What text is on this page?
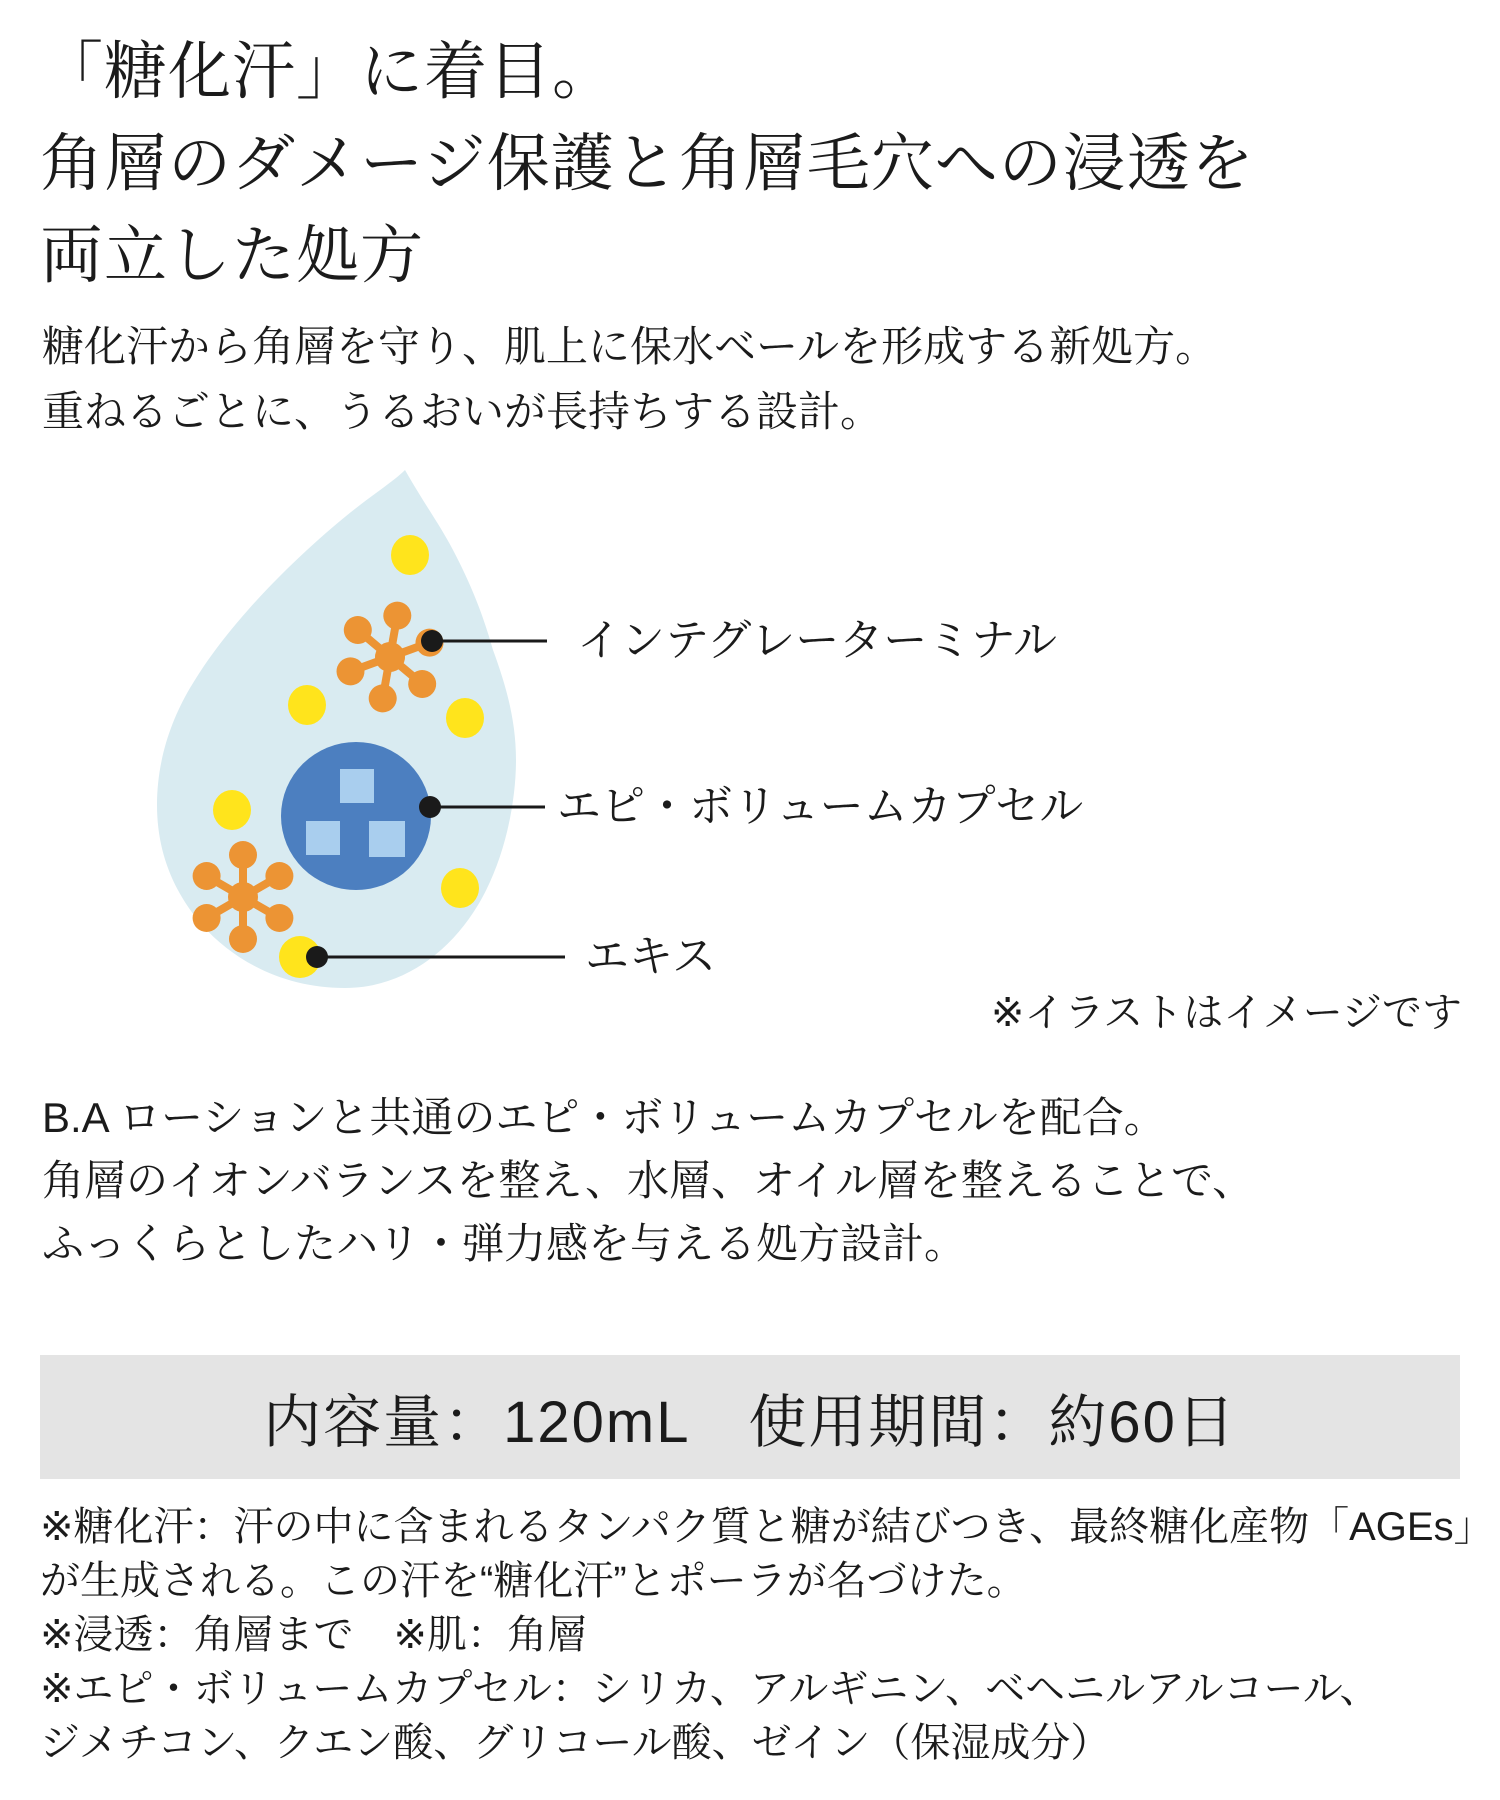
「糖化汗」に着目。
角層のダメージ保護と角層毛穴への浸透を
両立した処方
糖化汗から角層を守り、肌上に保水ベールを形成する新処方。
重ねるごとに、うるおいが長持ちする設計。
インテグレーターミナル
エピ・ボリュームカプセル
エキス
※イラストはイメージです
B.A ローションと共通のエピ・ボリュームカプセルを配合。
角層のイオンバランスを整え、水層、オイル層を整えることで、
ふっくらとしたハリ・弾力感を与える処方設計。
内容量：120mL　使用期間：約60日
※糖化汗：汗の中に含まれるタンパク質と糖が結びつき、最終糖化産物「AGEs」
が生成される。この汗を“糖化汗”とポーラが名づけた。
※浸透：角層まで　※肌：角層
※エピ・ボリュームカプセル：シリカ、アルギニン、ベヘニルアルコール、
ジメチコン、クエン酸、グリコール酸、ゼイン（保湿成分）
